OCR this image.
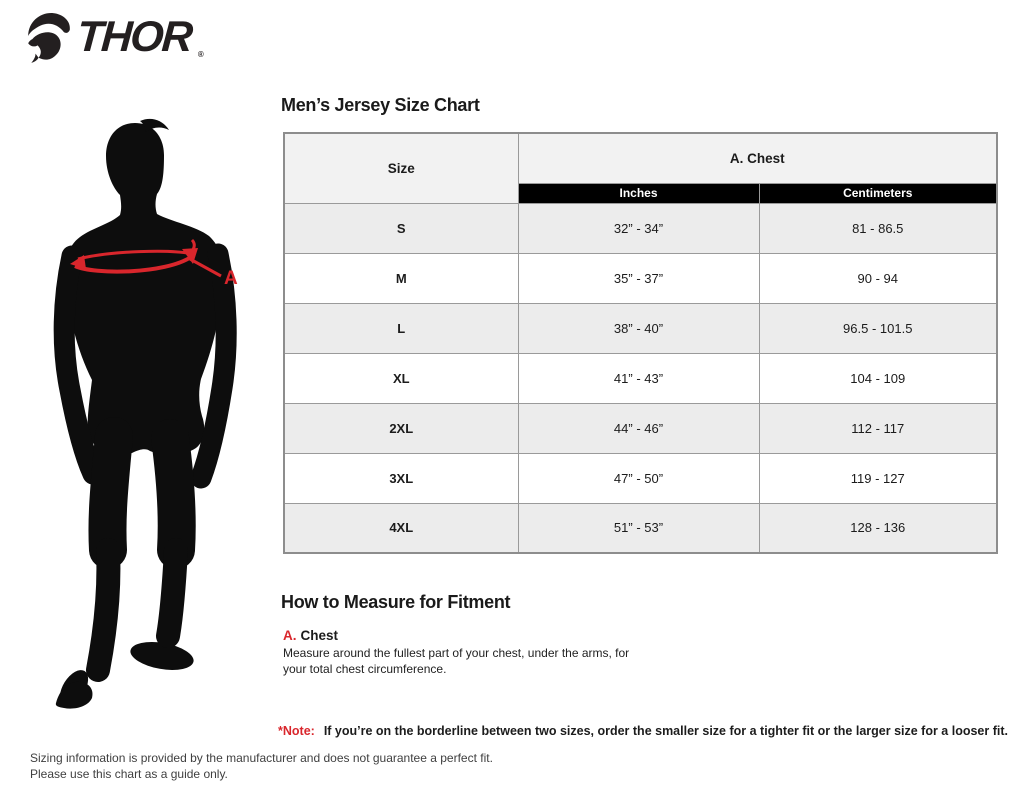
THOR ®
A
Men’s Jersey Size Chart
Size	A. Chest	
	Inches	Centimeters
S	32” - 34”	81 - 86.5
M	35” - 37”	90 - 94
L	38” - 40”	96.5 - 101.5
XL	41” - 43”	104 - 109
2XL	44” - 46”	112 - 117
3XL	47” - 50”	119 - 127
4XL	51” - 53”	128 - 136
How to Measure for Fitment
A. Chest
Measure around the fullest part of your chest, under the arms, for your total chest circumference.
*Note: If you’re on the borderline between two sizes, order the smaller size for a tighter fit or the larger size for a looser fit.
Sizing information is provided by the manufacturer and does not guarantee a perfect fit.
Please use this chart as a guide only.
